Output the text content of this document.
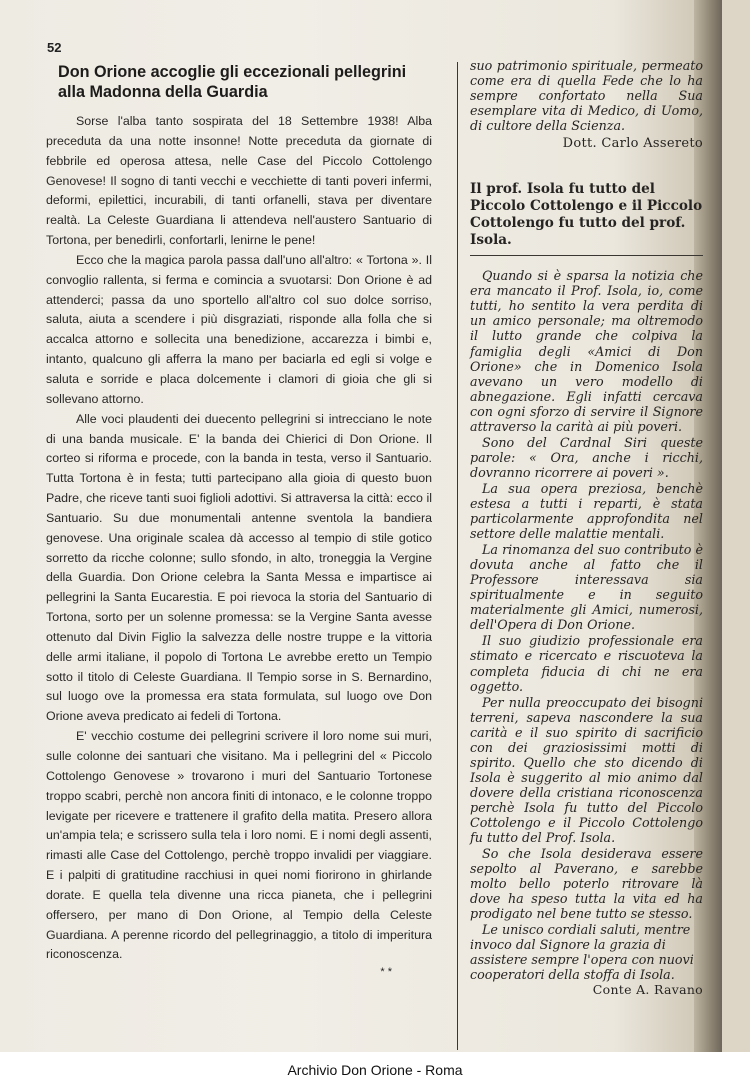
52
Don Orione accoglie gli eccezionali pellegrini alla Madonna della Guardia

Sorse l'alba tanto sospirata del 18 Settembre 1938! Alba preceduta da una notte insonne! Notte preceduta da giornate di febbrile ed operosa attesa, nelle Case del Piccolo Cottolengo Genovese! Il sogno di tanti vecchi e vecchiette di tanti poveri infermi, deformi, epilettici, incurabili, di tanti orfanelli, stava per diventare realtà. La Celeste Guardiana li attendeva nell'austero Santuario di Tortona, per benedirli, confortarli, lenirne le pene!

Ecco che la magica parola passa dall'uno all'altro: « Tortona ». Il convoglio rallenta, si ferma e comincia a svuotarsi: Don Orione è ad attenderci; passa da uno sportello all'altro col suo dolce sorriso, saluta, aiuta a scendere i più disgraziati, risponde alla folla che si accalca attorno e sollecita una benedizione, accarezza i bimbi e, intanto, qualcuno gli afferra la mano per baciarla ed egli si volge e saluta e sorride e placa dolcemente i clamori di gioia che gli si sollevano attorno.

Alle voci plaudenti dei duecento pellegrini si intrecciano le note di una banda musicale. E' la banda dei Chierici di Don Orione. Il corteo si riforma e procede, con la banda in testa, verso il Santuario. Tutta Tortona è in festa; tutti partecipano alla gioia di questo buon Padre, che riceve tanti suoi figlioli adottivi. Si attraversa la città: ecco il Santuario. Su due monumentali antenne sventola la bandiera genovese. Una originale scalea dà accesso al tempio di stile gotico sorretto da ricche colonne; sullo sfondo, in alto, troneggia la Vergine della Guardia. Don Orione celebra la Santa Messa e impartisce ai pellegrini la Santa Eucarestia. E poi rievoca la storia del Santuario di Tortona, sorto per un solenne promessa: se la Vergine Santa avesse ottenuto dal Divin Figlio la salvezza delle nostre truppe e la vittoria delle armi italiane, il popolo di Tortona Le avrebbe eretto un Tempio sotto il titolo di Celeste Guardiana. Il Tempio sorse in S. Bernardino, sul luogo ove la promessa era stata formulata, sul luogo ove Don Orione aveva predicato ai fedeli di Tortona.

E' vecchio costume dei pellegrini scrivere il loro nome sui muri, sulle colonne dei santuari che visitano. Ma i pellegrini del « Piccolo Cottolengo Genovese » trovarono i muri del Santuario Tortonese troppo scabri, perchè non ancora finiti di intonaco, e le colonne troppo levigate per ricevere e trattenere il grafito della matita. Presero allora un'ampia tela; e scrissero sulla tela i loro nomi. E i nomi degli assenti, rimasti alle Case del Cottolengo, perchè troppo invalidi per viaggiare. E i palpiti di gratitudine racchiusi in quei nomi fiorirono in ghirlande dorate. E quella tela divenne una ricca pianeta, che i pellegrini offersero, per mano di Don Orione, al Tempio della Celeste Guardiana. A perenne ricordo del pellegrinaggio, a titolo di imperitura riconoscenza.

* *

suo patrimonio spirituale, permeato come era di quella Fede che lo ha sempre confortato nella Sua esemplare vita di Medico, di Uomo, di cultore della Scienza.

Dott. Carlo Assereto

Il prof. Isola fu tutto del Piccolo Cottolengo e il Piccolo Cottolengo fu tutto del prof. Isola.

Quando si è sparsa la notizia che era mancato il Prof. Isola, io, come tutti, ho sentito la vera perdita di un amico personale; ma oltremodo il lutto grande che colpiva la famiglia degli «Amici di Don Orione» che in Domenico Isola avevano un vero modello di abnegazione. Egli infatti cercava con ogni sforzo di servire il Signore attraverso la carità ai più poveri.

Sono del Cardnal Siri queste parole: « Ora, anche i ricchi, dovranno ricorrere ai poveri ».

La sua opera preziosa, benchè estesa a tutti i reparti, è stata particolarmente approfondita nel settore delle malattie mentali.

La rinomanza del suo contributo è dovuta anche al fatto che il Professore interessava sia spiritualmente e in seguito materialmente gli Amici, numerosi, dell'Opera di Don Orione.

Il suo giudizio professionale era stimato e ricercato e riscuoteva la completa fiducia di chi ne era oggetto.

Per nulla preoccupato dei bisogni terreni, sapeva nascondere la sua carità e il suo spirito di sacrificio con dei graziosissimi motti di spirito. Quello che sto dicendo di Isola è suggerito al mio animo dal dovere della cristiana riconoscenza perchè Isola fu tutto del Piccolo Cottolengo e il Piccolo Cottolengo fu tutto del Prof. Isola.

So che Isola desiderava essere sepolto al Paverano, e sarebbe molto bello poterlo ritrovare là dove ha speso tutta la vita ed ha prodigato nel bene tutto se stesso.

Le unisco cordiali saluti, mentre invoco dal Signore la grazia di assistere sempre l'opera con nuovi cooperatori della stoffa di Isola.
Conte A. Ravano

Archivio Don Orione - Roma
